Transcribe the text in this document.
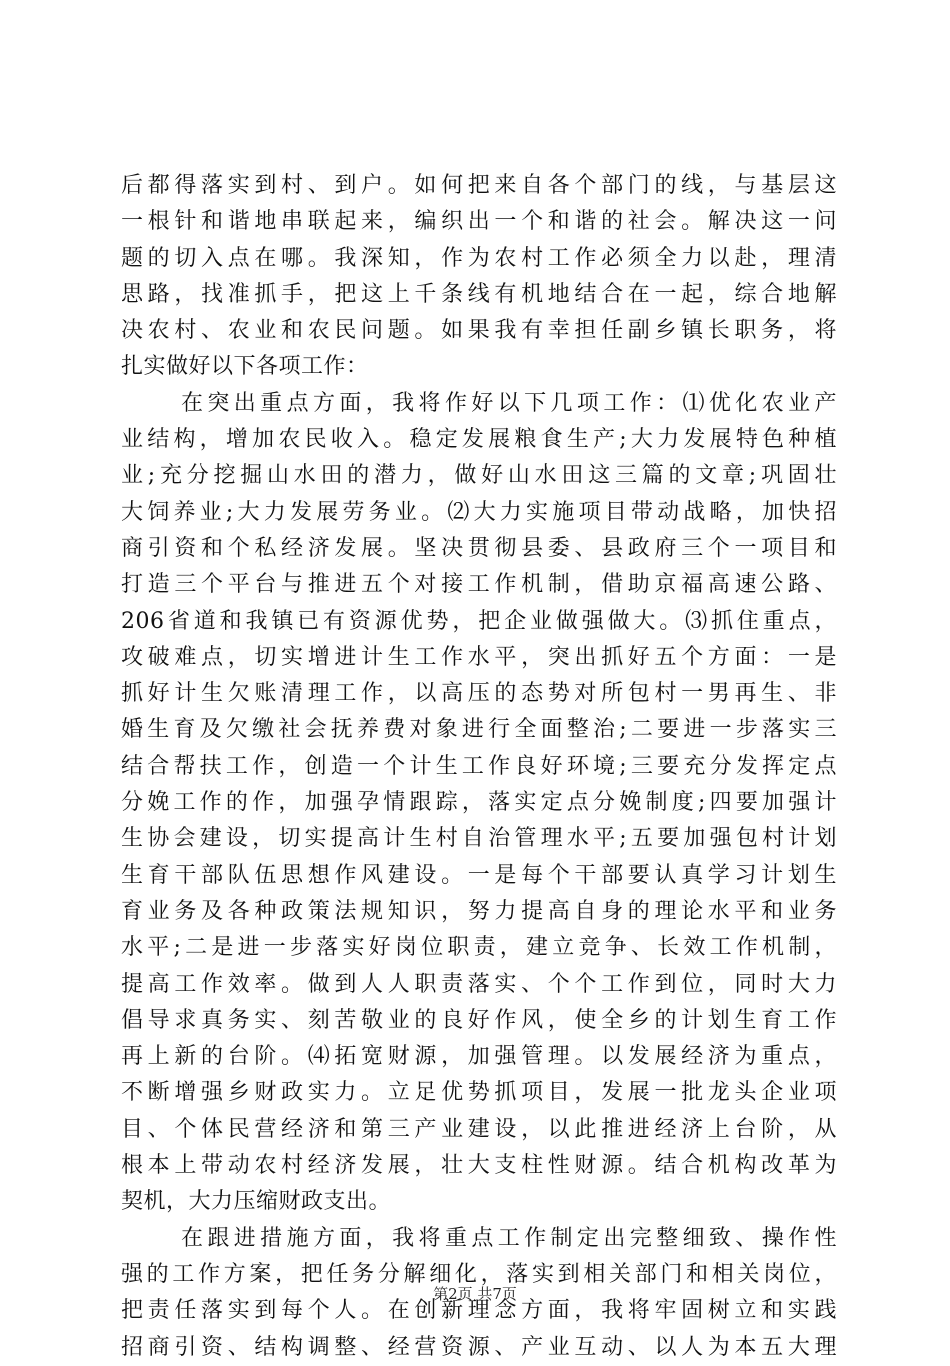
后都得落实到村、到户。如何把来自各个部门的线，与基层这
一根针和谐地串联起来，编织出一个和谐的社会。解决这一问
题的切入点在哪。我深知，作为农村工作必须全力以赴，理清
思路，找准抓手，把这上千条线有机地结合在一起，综合地解
决农村、农业和农民问题。如果我有幸担任副乡镇长职务，将
扎实做好以下各项工作：
在突出重点方面，我将作好以下几项工作：⑴优化农业产
业结构，增加农民收入。稳定发展粮食生产;大力发展特色种植
业;充分挖掘山水田的潜力，做好山水田这三篇的文章;巩固壮
大饲养业;大力发展劳务业。⑵大力实施项目带动战略，加快招
商引资和个私经济发展。坚决贯彻县委、县政府三个一项目和
打造三个平台与推进五个对接工作机制，借助京福高速公路、
206省道和我镇已有资源优势，把企业做强做大。⑶抓住重点，
攻破难点，切实增进计生工作水平，突出抓好五个方面：一是
抓好计生欠账清理工作，以高压的态势对所包村一男再生、非
婚生育及欠缴社会抚养费对象进行全面整治;二要进一步落实三
结合帮扶工作，创造一个计生工作良好环境;三要充分发挥定点
分娩工作的作，加强孕情跟踪，落实定点分娩制度;四要加强计
生协会建设，切实提高计生村自治管理水平;五要加强包村计划
生育干部队伍思想作风建设。一是每个干部要认真学习计划生
育业务及各种政策法规知识，努力提高自身的理论水平和业务
水平;二是进一步落实好岗位职责，建立竞争、长效工作机制，
提高工作效率。做到人人职责落实、个个工作到位，同时大力
倡导求真务实、刻苦敬业的良好作风，使全乡的计划生育工作
再上新的台阶。⑷拓宽财源，加强管理。以发展经济为重点，
不断增强乡财政实力。立足优势抓项目，发展一批龙头企业项
目、个体民营经济和第三产业建设，以此推进经济上台阶，从
根本上带动农村经济发展，壮大支柱性财源。结合机构改革为
契机，大力压缩财政支出。
在跟进措施方面，我将重点工作制定出完整细致、操作性
强的工作方案，把任务分解细化，落实到相关部门和相关岗位，
把责任落实到每个人。在创新理念方面，我将牢固树立和实践
招商引资、结构调整、经营资源、产业互动、以人为本五大理
第2页 共7页
